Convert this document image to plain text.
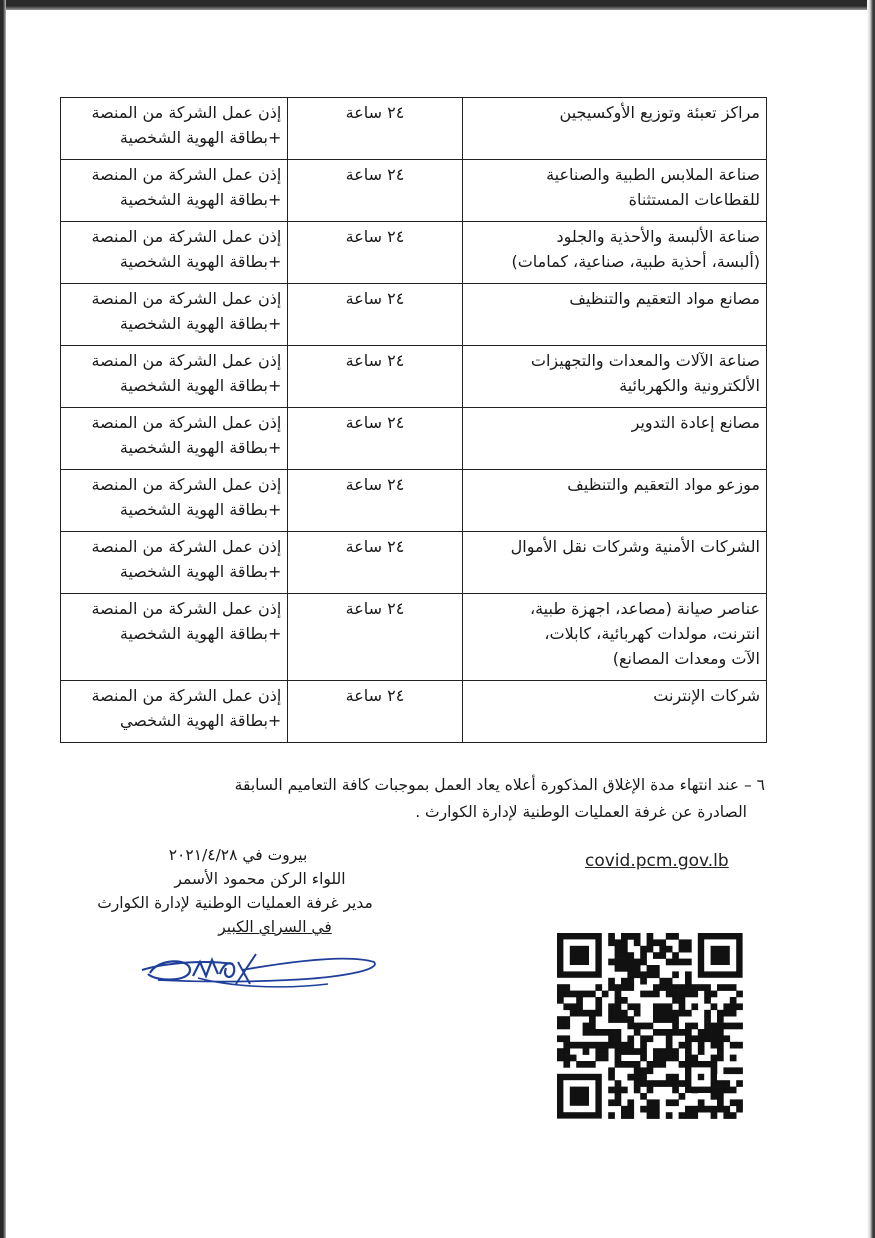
مراكز تعبئة وتوزيع الأوكسيجين	٢٤ ساعة	إذن عمل الشركة من المنصة
+بطاقة الهوية الشخصية

صناعة الملابس الطبية والصناعية
للقطاعات المستثناة	٢٤ ساعة	إذن عمل الشركة من المنصة
+بطاقة الهوية الشخصية

صناعة الألبسة والأحذية والجلود
(ألبسة، أحذية طبية، صناعية، كمامات)	٢٤ ساعة	إذن عمل الشركة من المنصة
+بطاقة الهوية الشخصية

مصانع مواد التعقيم والتنظيف	٢٤ ساعة	إذن عمل الشركة من المنصة
+بطاقة الهوية الشخصية

صناعة الآلات والمعدات والتجهيزات
الألكترونية والكهربائية	٢٤ ساعة	إذن عمل الشركة من المنصة
+بطاقة الهوية الشخصية

مصانع إعادة التدوير	٢٤ ساعة	إذن عمل الشركة من المنصة
+بطاقة الهوية الشخصية

موزعو مواد التعقيم والتنظيف	٢٤ ساعة	إذن عمل الشركة من المنصة
+بطاقة الهوية الشخصية

الشركات الأمنية وشركات نقل الأموال	٢٤ ساعة	إذن عمل الشركة من المنصة
+بطاقة الهوية الشخصية

عناصر صيانة (مصاعد، اجهزة طبية،
انترنت، مولدات كهربائية، كابلات،
الآت ومعدات المصانع)	٢٤ ساعة	إذن عمل الشركة من المنصة
+بطاقة الهوية الشخصية

شركات الإنترنت	٢٤ ساعة	إذن عمل الشركة من المنصة
+بطاقة الهوية الشخصي
٦ – عند انتهاء مدة الإغلاق المذكورة أعلاه يعاد العمل بموجبات كافة التعاميم السابقة
الصادرة عن غرفة العمليات الوطنية لإدارة الكوارث .
covid.pcm.gov.lb
بيروت في ٢٠٢١/٤/٢٨
اللواء الركن محمود الأسمر
مدير غرفة العمليات الوطنية لإدارة الكوارث
في السراي الكبير
